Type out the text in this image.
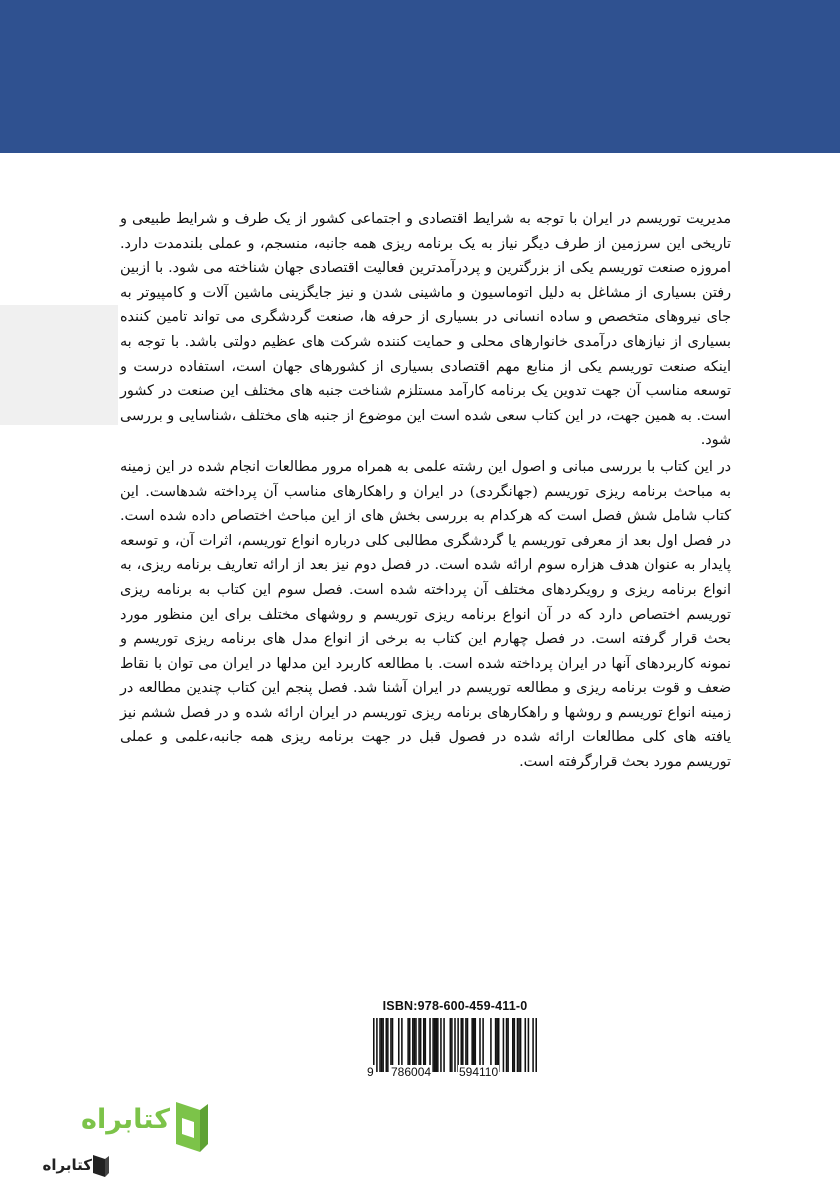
مدیریت توریسم در ایران با توجه به شرایط اقتصادی و اجتماعی کشور از یک طرف و شرایط طبیعی و تاریخی این سرزمین از طرف دیگر نیاز به یک برنامه ریزی همه جانبه، منسجم، و عملی بلندمدت دارد. امروزه صنعت توریسم یکی از بزرگترین و پردرآمدترین فعالیت اقتصادی جهان شناخته می شود. با ازبین رفتن بسیاری از مشاغل به دلیل اتوماسیون و ماشینی شدن و نیز جایگزینی ماشین آلات و کامپیوتر به جای نیروهای متخصص و ساده انسانی در بسیاری از حرفه ها، صنعت گردشگری می تواند تامین کننده بسیاری از نیازهای درآمدی خانوارهای محلی و حمایت کننده شرکت های عظیم دولتی باشد. با توجه به اینکه صنعت توریسم یکی از منابع مهم اقتصادی بسیاری از کشورهای جهان است، استفاده درست و توسعه مناسب آن جهت تدوین یک برنامه کارآمد مستلزم شناخت جنبه های مختلف این صنعت در کشور است. به همین جهت، در این کتاب سعی شده است این موضوع از جنبه های مختلف ،شناسایی و بررسی شود.

در این کتاب با بررسی مبانی و اصول این رشته علمی به همراه مرور مطالعات انجام شده در این زمینه به مباحث برنامه ریزی توریسم (جهانگردی) در ایران و راهکارهای مناسب آن پرداخته شدهاست. این کتاب شامل شش فصل است که هرکدام به بررسی بخش های از این مباحث اختصاص داده شده است. در فصل اول بعد از معرفی توریسم یا گردشگری مطالبی کلی درباره انواع توریسم، اثرات آن، و توسعه پایدار به عنوان هدف هزاره سوم ارائه شده است. در فصل دوم نیز بعد از ارائه تعاریف برنامه ریزی، به انواع برنامه ریزی و رویکردهای مختلف آن پرداخته شده است. فصل سوم این کتاب به برنامه ریزی توریسم اختصاص دارد که در آن انواع برنامه ریزی توریسم و روشهای مختلف برای این منظور مورد بحث قرار گرفته است. در فصل چهارم این کتاب به برخی از انواع مدل های برنامه ریزی توریسم و نمونه کاربردهای آنها در ایران پرداخته شده است. با مطالعه کاربرد این مدلها در ایران می توان با نقاط ضعف و قوت برنامه ریزی و مطالعه توریسم در ایران آشنا شد. فصل پنجم این کتاب چندین مطالعه در زمینه انواع توریسم و روشها و راهکارهای برنامه ریزی توریسم در ایران ارائه شده و در فصل ششم نیز یافته های کلی مطالعات ارائه شده در فصول قبل در جهت برنامه ریزی همه جانبه،علمی و عملی توریسم مورد بحث قرارگرفته است.

ISBN:978-600-459-411-0
9 786004 594110
کتابراه
کتابراه
